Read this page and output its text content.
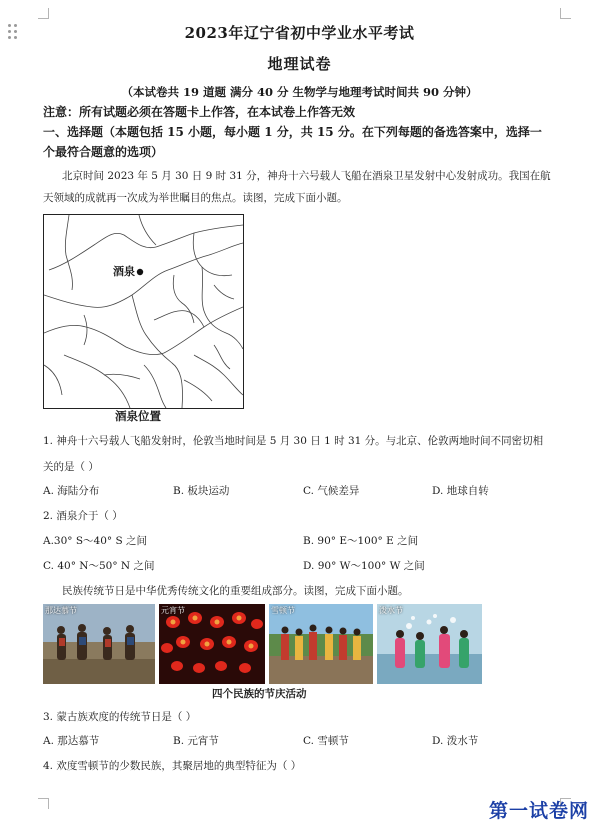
2023年辽宁省初中学业水平考试
地理试卷
（本试卷共 19 道题 满分 40 分 生物学与地理考试时间共 90 分钟）
注意：所有试题必须在答题卡上作答，在本试卷上作答无效
一、选择题（本题包括 15 小题，每小题 1 分，共 15 分。在下列每题的备选答案中，选择一
个最符合题意的选项）
北京时间 2023 年 5 月 30 日 9 时 31 分，神舟十六号载人飞船在酒泉卫星发射中心发射成功。我国在航
天领域的成就再一次成为举世瞩目的焦点。读图，完成下面小题。
酒泉
酒泉位置
1. 神舟十六号载人飞船发射时，伦敦当地时间是 5 月 30 日 1 时 31 分。与北京、伦敦两地时间不同密切相
关的是（ ）
A. 海陆分布	B. 板块运动	C. 气候差异	D. 地球自转
2. 酒泉介于（ ）
A.30° S～40° S 之间	B. 90° E～100° E 之间
C. 40° N～50° N 之间	D. 90° W～100° W 之间
民族传统节日是中华优秀传统文化的重要组成部分。读图，完成下面小题。
那达慕节	元宵节	雪顿节	泼水节
四个民族的节庆活动
3. 蒙古族欢度的传统节日是（ ）
A. 那达慕节	B. 元宵节	C. 雪顿节	D. 泼水节
4. 欢度雪顿节的少数民族，其聚居地的典型特征为（ ）
第一试卷网
